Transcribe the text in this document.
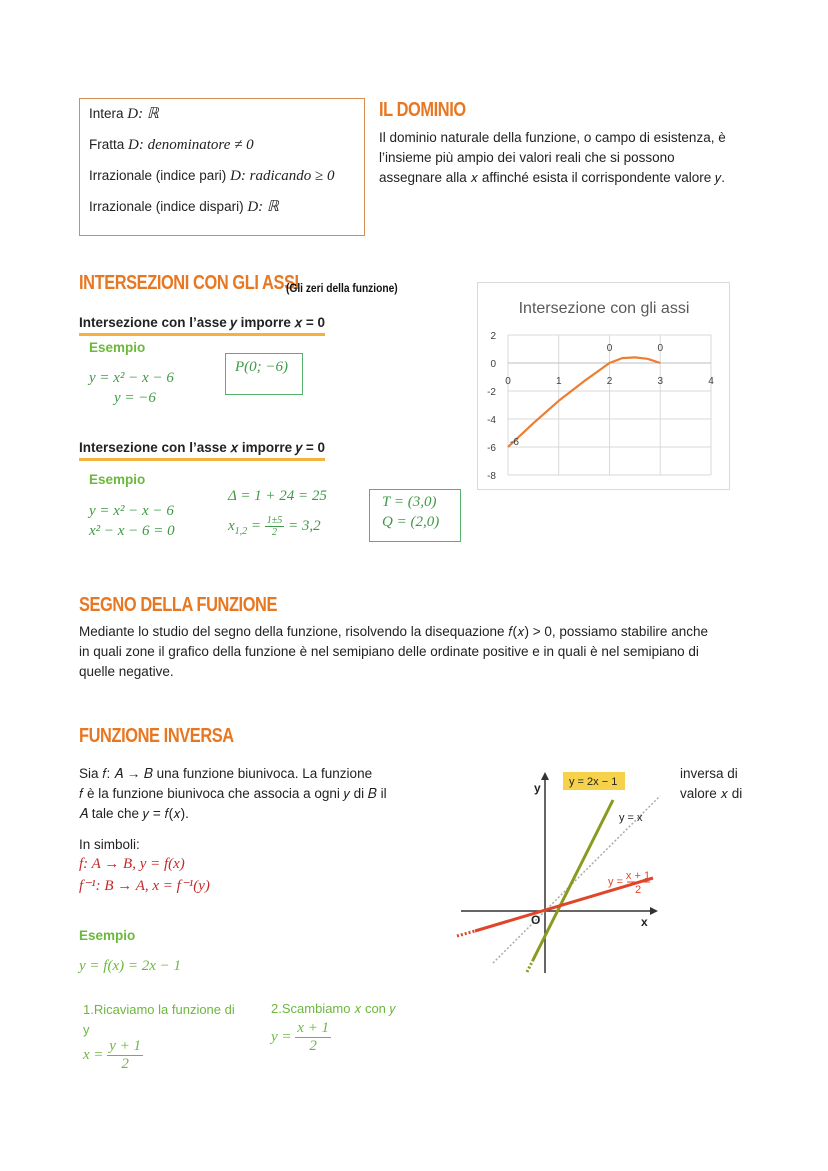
Intera D: ℝ
Fratta D: denominatore ≠ 0
Irrazionale (indice pari) D: radicando ≥ 0
Irrazionale (indice dispari) D: ℝ
IL DOMINIO
Il dominio naturale della funzione, o campo di esistenza, è
l’insieme più ampio dei valori reali che si possono
assegnare alla 𝑥 affinché esista il corrispondente valore 𝑦.
INTERSEZIONI CON GLI ASSI
(Gli zeri della funzione)
Intersezione con l’asse 𝑦 imporre 𝑥 = 0
Esempio
y = x² − x − 6
y = −6
P(0; −6)
Intersezione con l’asse 𝑥 imporre 𝑦 = 0
Esempio
y = x² − x − 6
x² − x − 6 = 0
Δ = 1 + 24 = 25
$x_{1,2} = \frac{1\pm 5}{2} = 3,2$
T = (3,0)
Q = (2,0)
Intersezione con gli assi
2
0
-2
-4
-6
-8
0	1	2	3	4
-6
0	0
SEGNO DELLA FUNZIONE
Mediante lo studio del segno della funzione, risolvendo la disequazione 𝑓(𝑥) > 0, possiamo stabilire anche
in quali zone il grafico della funzione è nel semipiano delle ordinate positive e in quali è nel semipiano di
quelle negative.
FUNZIONE INVERSA
Sia 𝑓: 𝐴 → 𝐵 una funzione biunivoca. La funzione
𝑓 è la funzione biunivoca che associa a ogni 𝑦 di 𝐵 il
𝐴 tale che 𝑦 = 𝑓(𝑥).
inversa di
valore 𝑥 di
In simboli:
f: A → B, y = f(x)
f⁻¹: B → A, x = f⁻¹(y)
Esempio
y = f(x) = 2x − 1
1.Ricaviamo la funzione di
y
$x = \frac{y + 1}{2}$
2.Scambiamo 𝑥 con 𝑦
$y = \frac{x + 1}{2}$
y
x
O
y = 2x − 1
y = x
y = x + 1
2
